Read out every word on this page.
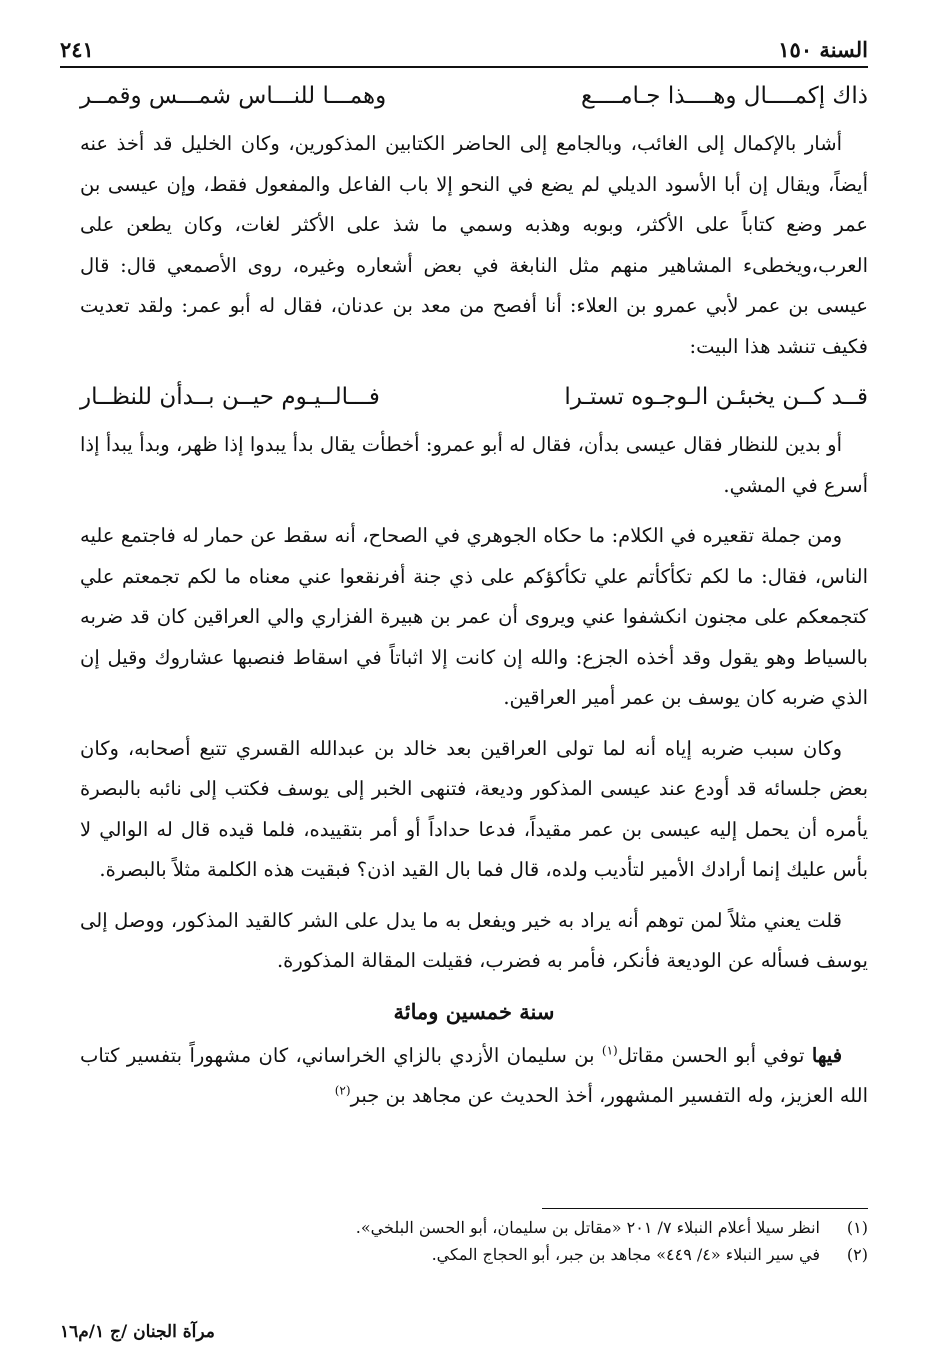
السنة ١٥٠
٢٤١
ذاك إكمــــال وهــــذا جـامــــع
وهمـــا للنـــاس شمـــس وقمــر

أشار بالإكمال إلى الغائب، وبالجامع إلى الحاضر الكتابين المذكورين، وكان الخليل قد أخذ عنه أيضاً، ويقال إن أبا الأسود الديلي لم يضع في النحو إلا باب الفاعل والمفعول فقط، وإن عيسى بن عمر وضع كتاباً على الأكثر، وبوبه وهذبه وسمي ما شذ على الأكثر لغات، وكان يطعن على العرب،ويخطىء المشاهير منهم مثل النابغة في بعض أشعاره وغيره، روى الأصمعي قال: قال عيسى بن عمر لأبي عمرو بن العلاء: أنا أفصح من معد بن عدنان، فقال له أبو عمر: ولقد تعديت فكيف تنشد هذا البيت:

قــد كــن يخبئـن الـوجـوه تستـرا
فـــالــيـوم حيــن بــدأن للنظــار

أو بدين للنظار فقال عيسى بدأن، فقال له أبو عمرو: أخطأت يقال بدأ يبدوا إذا ظهر، وبدأ يبدأ إذا أسرع في المشي.

ومن جملة تقعيره في الكلام: ما حكاه الجوهري في الصحاح، أنه سقط عن حمار له فاجتمع عليه الناس، فقال: ما لكم تكأكأتم علي تكأكؤكم على ذي جنة أفرنقعوا عني معناه ما لكم تجمعتم علي كتجمعكم على مجنون انكشفوا عني ويروى أن عمر بن هبيرة الفزاري والي العراقين كان قد ضربه بالسياط وهو يقول وقد أخذه الجزع: والله إن كانت إلا اثباتاً في اسقاط فنصبها عشاروك وقيل إن الذي ضربه كان يوسف بن عمر أمير العراقين.

وكان سبب ضربه إياه أنه لما تولى العراقين بعد خالد بن عبدالله القسري تتبع أصحابه، وكان بعض جلسائه قد أودع عند عيسى المذكور وديعة، فتنهى الخبر إلى يوسف فكتب إلى نائبه بالبصرة يأمره أن يحمل إليه عيسى بن عمر مقيداً، فدعا حداداً أو أمر بتقييده، فلما قيده قال له الوالي لا بأس عليك إنما أرادك الأمير لتأديب ولده، قال فما بال القيد اذن؟ فبقيت هذه الكلمة مثلاً بالبصرة.

قلت يعني مثلاً لمن توهم أنه يراد به خير ويفعل به ما يدل على الشر كالقيد المذكور، ووصل إلى يوسف فسأله عن الوديعة فأنكر، فأمر به فضرب، فقيلت المقالة المذكورة.

سنة خمسين ومائة

فيها توفي أبو الحسن مقاتل$^{(١)}$ بن سليمان الأزدي بالزاي الخراساني، كان مشهوراً بتفسير كتاب الله العزيز، وله التفسير المشهور، أخذ الحديث عن مجاهد بن جبر$^{(٢)}$

(١)
انظر سيلا أعلام النبلاء ٧/ ٢٠١ «مقاتل بن سليمان، أبو الحسن البلخي».
(٢)
في سير النبلاء «٤/ ٤٤٩» مجاهد بن جبر، أبو الحجاج المكي.
مرآة الجنان /ج ١/م١٦
